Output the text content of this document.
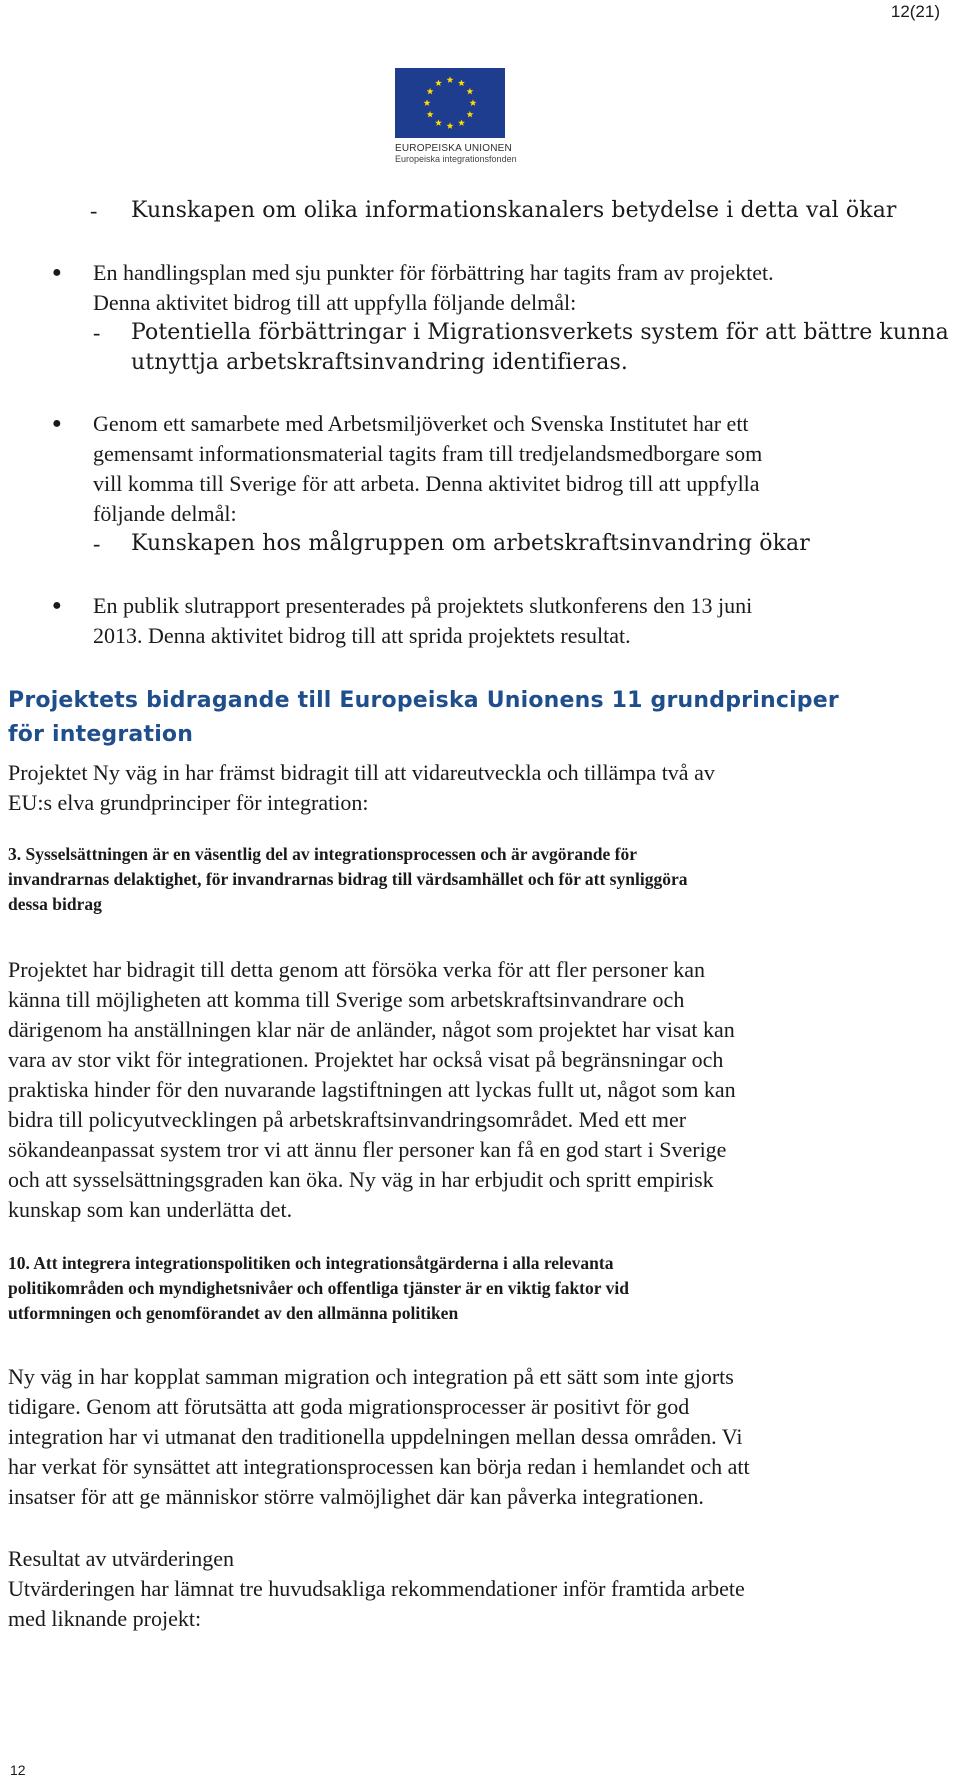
12(21)
EUROPEISKA UNIONEN
Europeiska integrationsfonden
- Kunskapen om olika informationskanalers betydelse i detta val ökar
● En handlingsplan med sju punkter för förbättring har tagits fram av projektet.
Denna aktivitet bidrog till att uppfylla följande delmål:
- Potentiella förbättringar i Migrationsverkets system för att bättre kunna
utnyttja arbetskraftsinvandring identifieras.
● Genom ett samarbete med Arbetsmiljöverket och Svenska Institutet har ett
gemensamt informationsmaterial tagits fram till tredjelandsmedborgare som
vill komma till Sverige för att arbeta. Denna aktivitet bidrog till att uppfylla
följande delmål:
- Kunskapen hos målgruppen om arbetskraftsinvandring ökar
● En publik slutrapport presenterades på projektets slutkonferens den 13 juni
2013. Denna aktivitet bidrog till att sprida projektets resultat.
Projektets bidragande till Europeiska Unionens 11 grundprinciper
för integration
Projektet Ny väg in har främst bidragit till att vidareutveckla och tillämpa två av
EU:s elva grundprinciper för integration:
3. Sysselsättningen är en väsentlig del av integrationsprocessen och är avgörande för
invandrarnas delaktighet, för invandrarnas bidrag till värdsamhället och för att synliggöra
dessa bidrag
Projektet har bidragit till detta genom att försöka verka för att fler personer kan
känna till möjligheten att komma till Sverige som arbetskraftsinvandrare och
därigenom ha anställningen klar när de anländer, något som projektet har visat kan
vara av stor vikt för integrationen. Projektet har också visat på begränsningar och
praktiska hinder för den nuvarande lagstiftningen att lyckas fullt ut, något som kan
bidra till policyutvecklingen på arbetskraftsinvandringsområdet. Med ett mer
sökandeanpassat system tror vi att ännu fler personer kan få en god start i Sverige
och att sysselsättningsgraden kan öka. Ny väg in har erbjudit och spritt empirisk
kunskap som kan underlätta det.
10. Att integrera integrationspolitiken och integrationsåtgärderna i alla relevanta
politikområden och myndighetsnivåer och offentliga tjänster är en viktig faktor vid
utformningen och genomförandet av den allmänna politiken
Ny väg in har kopplat samman migration och integration på ett sätt som inte gjorts
tidigare. Genom att förutsätta att goda migrationsprocesser är positivt för god
integration har vi utmanat den traditionella uppdelningen mellan dessa områden. Vi
har verkat för synsättet att integrationsprocessen kan börja redan i hemlandet och att
insatser för att ge människor större valmöjlighet där kan påverka integrationen.
Resultat av utvärderingen
Utvärderingen har lämnat tre huvudsakliga rekommendationer inför framtida arbete
med liknande projekt:
12
